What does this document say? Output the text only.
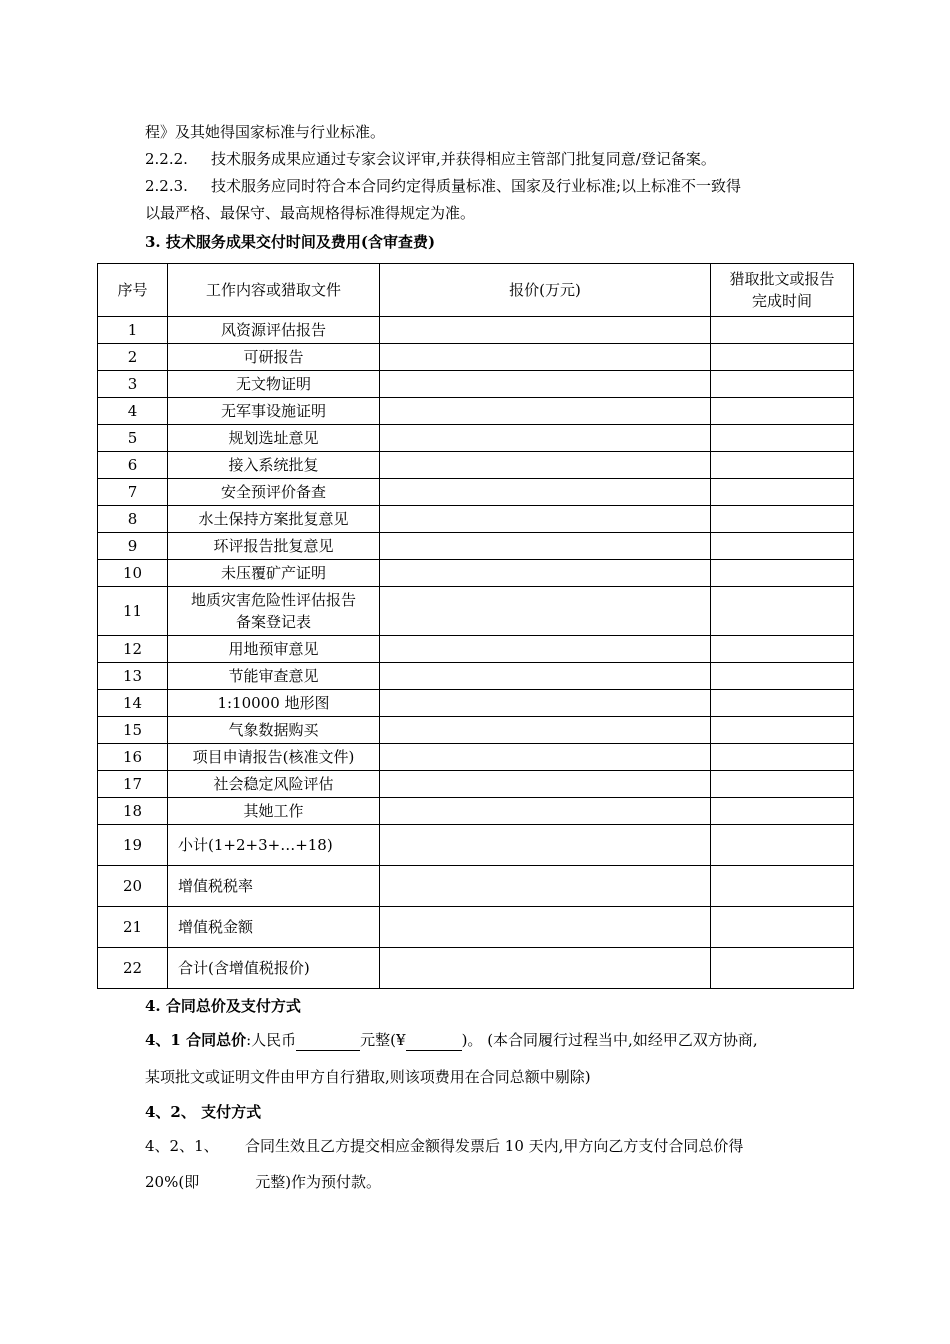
程》及其她得国家标准与行业标准。
2.2.2. 技术服务成果应通过专家会议评审,并获得相应主管部门批复同意/登记备案。
2.2.3. 技术服务应同时符合本合同约定得质量标准、国家及行业标准;以上标准不一致得
以最严格、最保守、最高规格得标准得规定为准。
3. 技术服务成果交付时间及费用(含审查费)
序号	工作内容或猎取文件	报价(万元)	猎取批文或报告
完成时间
1	风资源评估报告		
2	可研报告		
3	无文物证明		
4	无军事设施证明		
5	规划选址意见		
6	接入系统批复		
7	安全预评价备查		
8	水土保持方案批复意见		
9	环评报告批复意见		
10	未压覆矿产证明		
11	地质灾害危险性评估报告
备案登记表		
12	用地预审意见		
13	节能审查意见		
14	1:10000 地形图		
15	气象数据购买		
16	项目申请报告(核准文件)		
17	社会稳定风险评估		
18	其她工作		
19	小计(1+2+3+…+18)		
20	增值税税率		
21	增值税金额		
22	合计(含增值税报价)		
4. 合同总价及支付方式
4、1 合同总价:人民币	元整(¥	)。 (本合同履行过程当中,如经甲乙双方协商,
某项批文或证明文件由甲方自行猎取,则该项费用在合同总额中剔除)
4、2、 支付方式
4、2、1、 合同生效且乙方提交相应金额得发票后 10 天内,甲方向乙方支付合同总价得
20%(即	元整)作为预付款。
